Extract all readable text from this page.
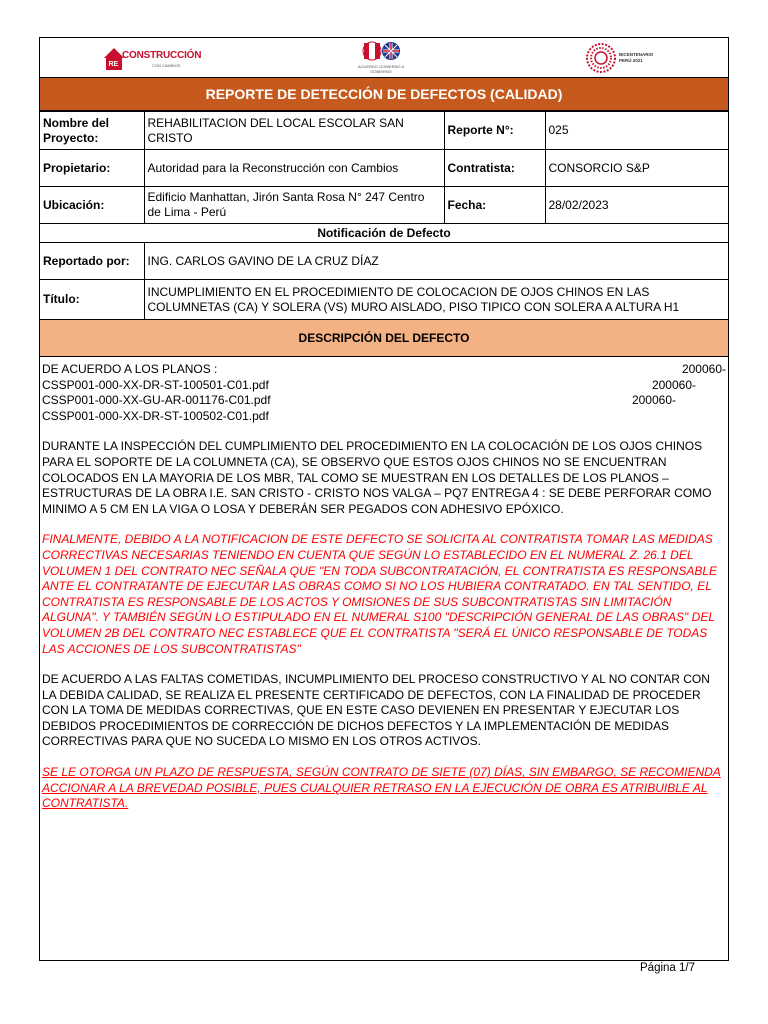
RE
CONSTRUCCIÓN
CON CAMBIOS	ACUERDO GOBIERNO A GOBIERNO
BICENTENARIO
PERÚ 2021
REPORTE DE DETECCIÓN DE DEFECTOS (CALIDAD)
Nombre del Proyecto:	REHABILITACION DEL LOCAL ESCOLAR SAN CRISTO	Reporte N°:	025
Propietario:	Autoridad para la Reconstrucción con Cambios	Contratista:	CONSORCIO S&P
Ubicación:	Edificio Manhattan, Jirón Santa Rosa N° 247 Centro de Lima - Perú	Fecha:	28/02/2023
Notificación de Defecto			
Reportado por:	ING. CARLOS GAVINO DE LA CRUZ DÍAZ		
Título:	INCUMPLIMIENTO EN EL PROCEDIMIENTO DE COLOCACION DE OJOS CHINOS EN LAS COLUMNETAS (CA) Y SOLERA (VS) MURO AISLADO, PISO TIPICO CON SOLERA A ALTURA H1		
DESCRIPCIÓN DEL DEFECTO			
DE ACUERDO A LOS PLANOS :	200060-
CSSP001-000-XX-DR-ST-100501-C01.pdf	200060-
CSSP001-000-XX-GU-AR-001176-C01.pdf	200060-
CSSP001-000-XX-DR-ST-100502-C01.pdf

DURANTE LA INSPECCIÓN DEL CUMPLIMIENTO DEL PROCEDIMIENTO EN LA COLOCACIÓN DE LOS OJOS CHINOS PARA EL SOPORTE DE LA COLUMNETA (CA), SE OBSERVO QUE ESTOS OJOS CHINOS NO SE ENCUENTRAN COLOCADOS EN LA MAYORIA DE LOS MBR, TAL COMO SE MUESTRAN EN LOS DETALLES DE LOS PLANOS – ESTRUCTURAS DE LA OBRA I.E. SAN CRISTO - CRISTO NOS VALGA – PQ7 ENTREGA 4 : SE DEBE PERFORAR COMO MINIMO A 5 CM EN LA VIGA O LOSA Y DEBERÁN SER PEGADOS CON ADHESIVO EPÓXICO.

FINALMENTE, DEBIDO A LA NOTIFICACION DE ESTE DEFECTO SE SOLICITA AL CONTRATISTA TOMAR LAS MEDIDAS CORRECTIVAS NECESARIAS TENIENDO EN CUENTA QUE SEGÚN LO ESTABLECIDO EN EL NUMERAL Z. 26.1 DEL VOLUMEN 1 DEL CONTRATO NEC SEÑALA QUE "EN TODA SUBCONTRATACIÓN, EL CONTRATISTA ES RESPONSABLE ANTE EL CONTRATANTE DE EJECUTAR LAS OBRAS COMO SI NO LOS HUBIERA CONTRATADO. EN TAL SENTIDO, EL CONTRATISTA ES RESPONSABLE DE LOS ACTOS Y OMISIONES DE SUS SUBCONTRATISTAS SIN LIMITACIÓN ALGUNA". Y TAMBIÉN SEGÚN LO ESTIPULADO EN EL NUMERAL S100 "DESCRIPCIÓN GENERAL DE LAS OBRAS" DEL VOLUMEN 2B DEL CONTRATO NEC ESTABLECE QUE EL CONTRATISTA "SERÁ EL ÚNICO RESPONSABLE DE TODAS LAS ACCIONES DE LOS SUBCONTRATISTAS"

DE ACUERDO A LAS FALTAS COMETIDAS, INCUMPLIMIENTO DEL PROCESO CONSTRUCTIVO Y AL NO CONTAR CON LA DEBIDA CALIDAD, SE REALIZA EL PRESENTE CERTIFICADO DE DEFECTOS, CON LA FINALIDAD DE PROCEDER CON LA TOMA DE MEDIDAS CORRECTIVAS, QUE EN ESTE CASO DEVIENEN EN PRESENTAR Y EJECUTAR LOS DEBIDOS PROCEDIMIENTOS DE CORRECCIÓN DE DICHOS DEFECTOS Y LA IMPLEMENTACIÓN DE MEDIDAS CORRECTIVAS PARA QUE NO SUCEDA LO MISMO EN LOS OTROS ACTIVOS.

SE LE OTORGA UN PLAZO DE RESPUESTA, SEGÚN CONTRATO DE SIETE (07) DÍAS, SIN EMBARGO, SE RECOMIENDA ACCIONAR A LA BREVEDAD POSIBLE, PUES CUALQUIER RETRASO EN LA EJECUCIÓN DE OBRA ES ATRIBUIBLE AL CONTRATISTA.

Página 1/7
